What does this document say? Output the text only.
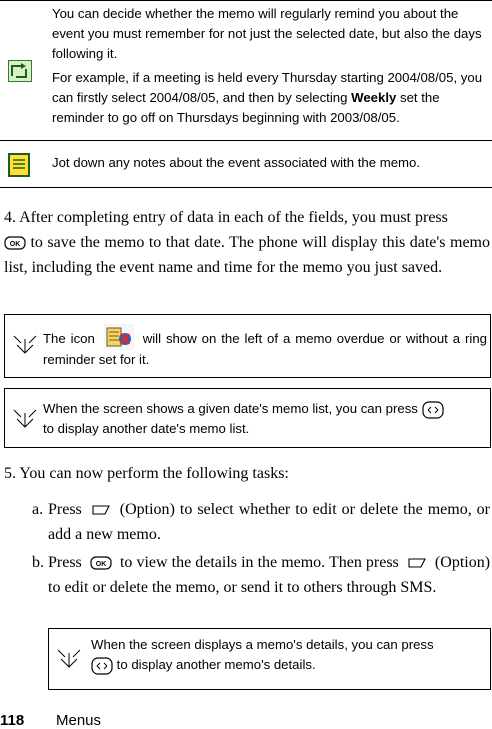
You can decide whether the memo will regularly remind you about the event you must remember for not just the selected date, but also the days following it.

For example, if a meeting is held every Thursday starting 2004/08/05, you can firstly select 2004/08/05, and then by selecting Weekly set the reminder to go off on Thursdays beginning with 2003/08/05.

Jot down any notes about the event associated with the memo.
4. After completing entry of data in each of the fields, you must press

OK to save the memo to that date. The phone will display this date's memo list, including the event name and time for the memo you just saved.
The icon	will show on the left of a memo overdue or without a ring reminder set for it.
When the screen shows a given date's memo list, you can press
to display another date's memo list.
5. You can now perform the following tasks:
a. Press  (Option) to select whether to edit or delete the memo, or add a new memo.
b. Press OK to view the details in the memo. Then press  (Option) to edit or delete the memo, or send it to others through SMS.
When the screen displays a memo's details, you can press
to display another memo's details.
118 Menus
